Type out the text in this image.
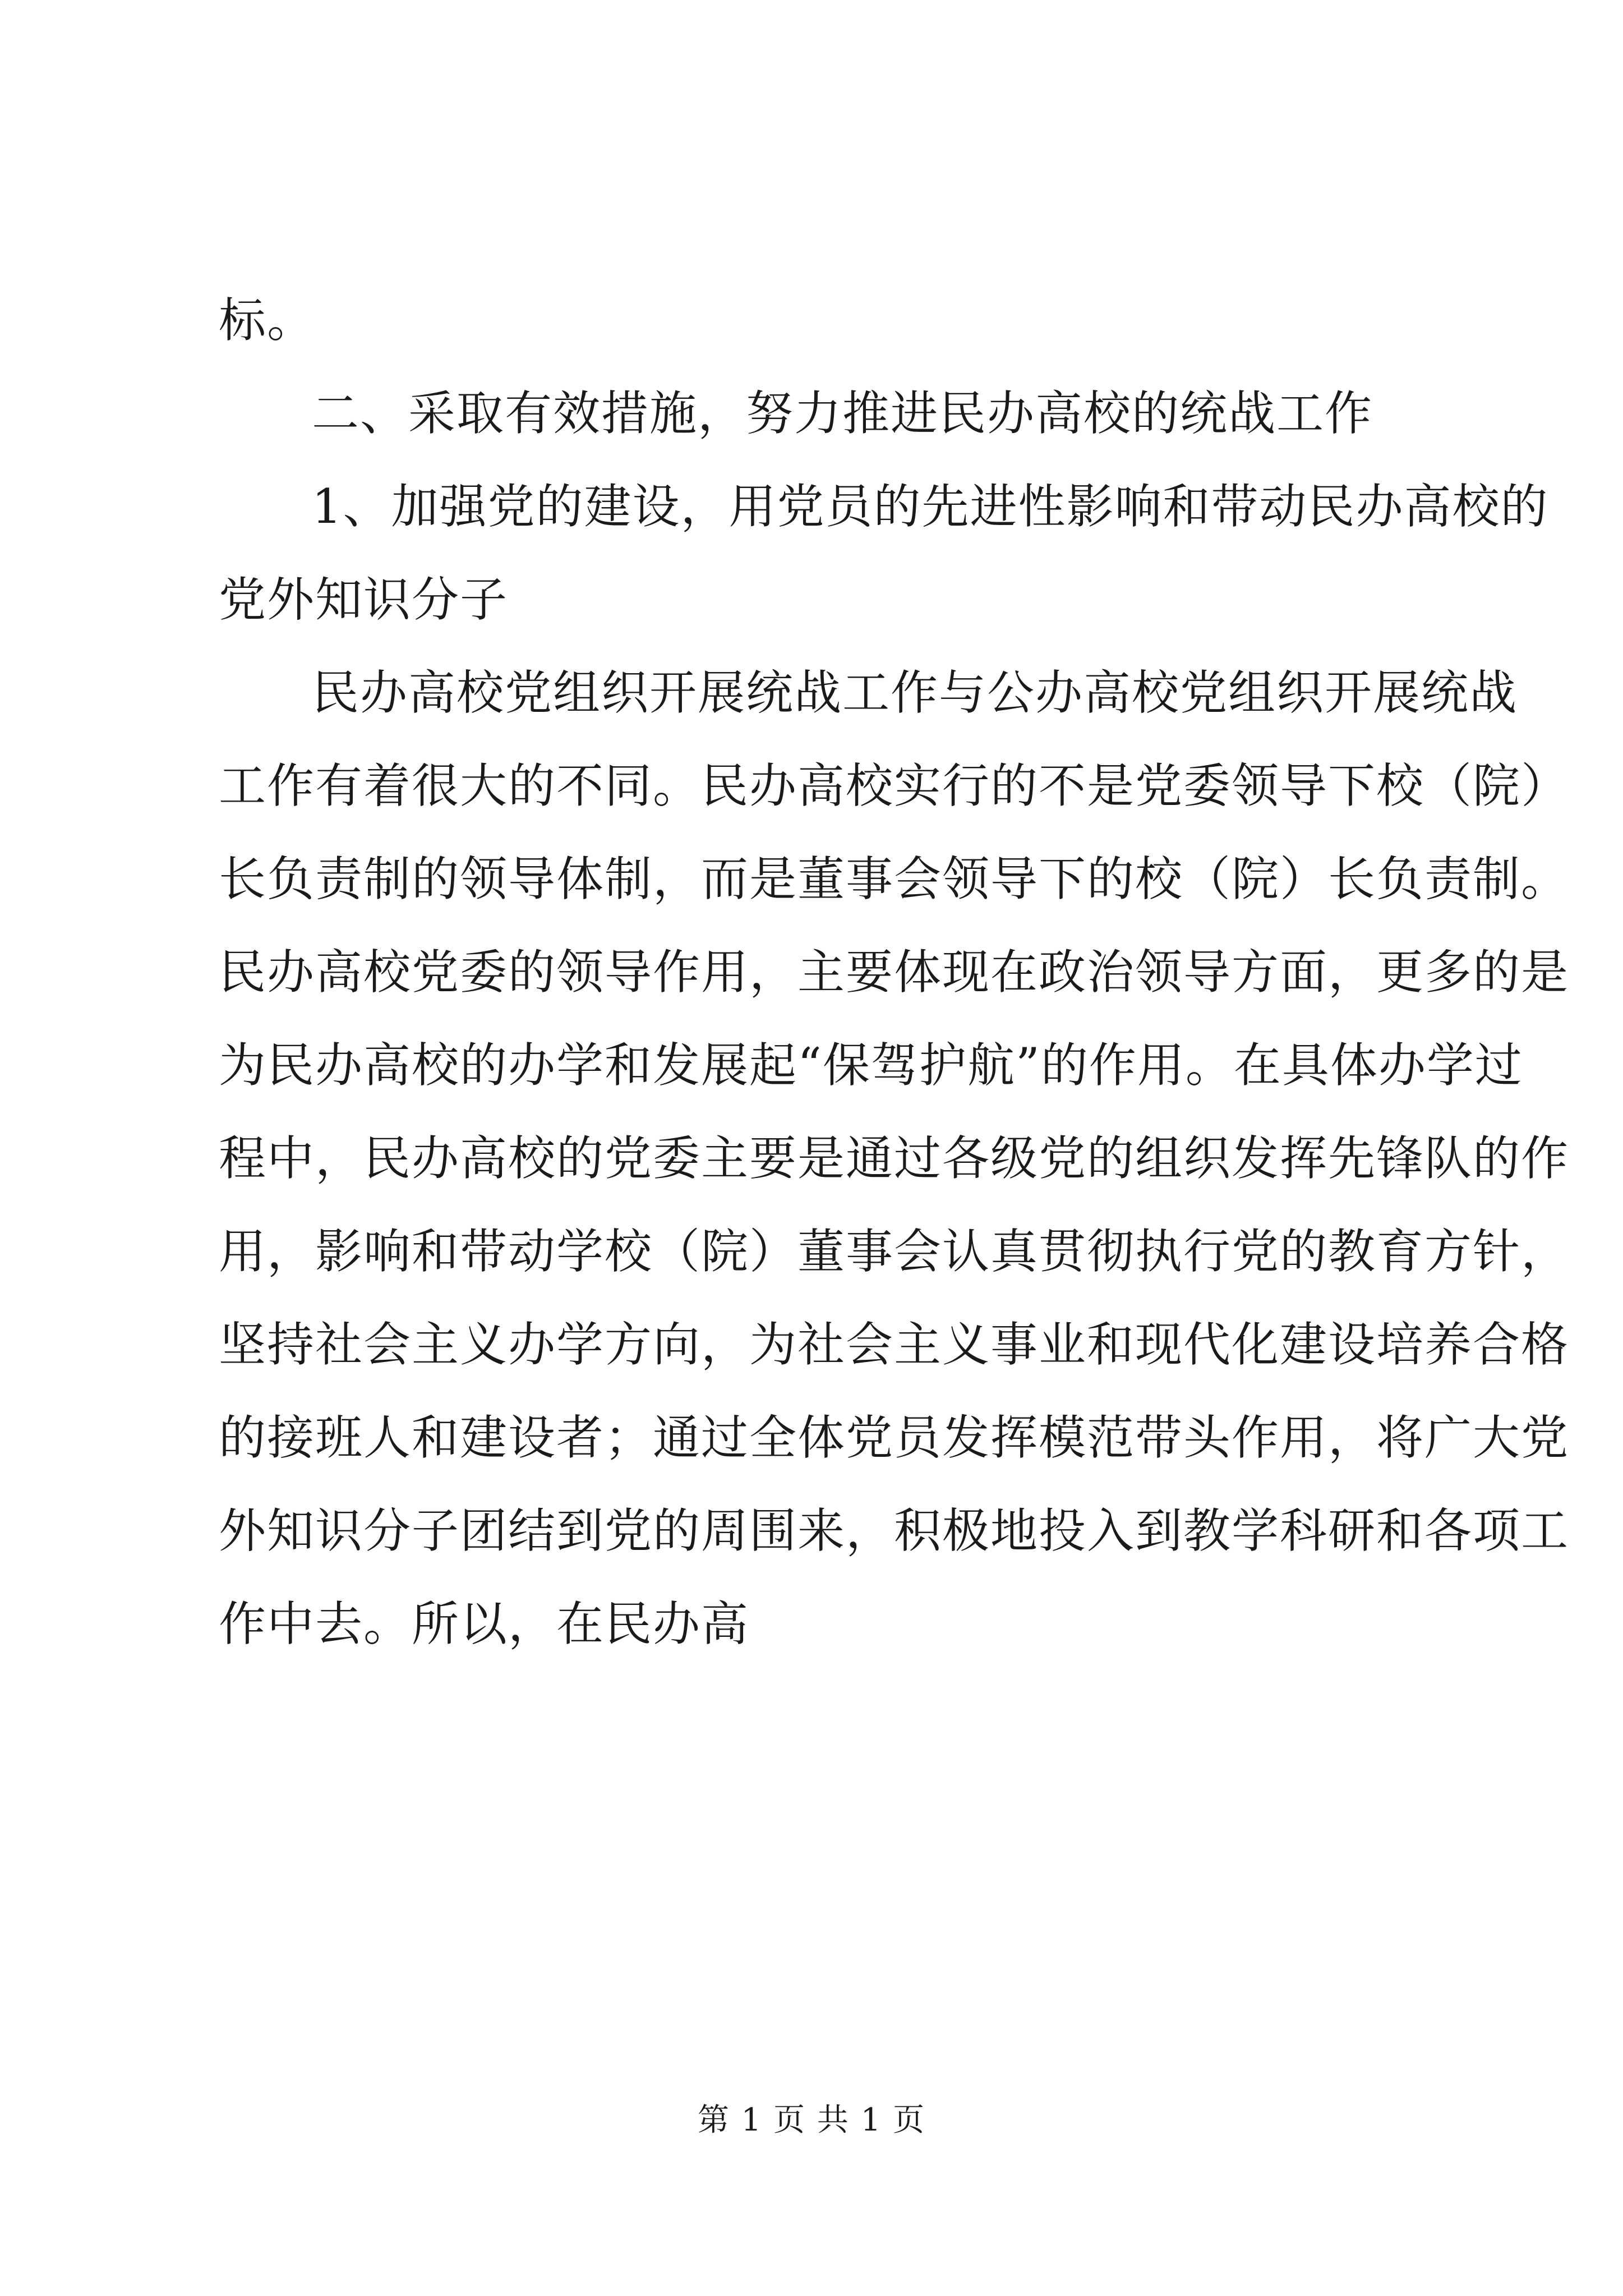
标。
二、采取有效措施，努力推进民办高校的统战工作
1、加强党的建设，用党员的先进性影响和带动民办高校的
党外知识分子
民办高校党组织开展统战工作与公办高校党组织开展统战
工作有着很大的不同。民办高校实行的不是党委领导下校（院）
长负责制的领导体制，而是董事会领导下的校（院）长负责制。
民办高校党委的领导作用，主要体现在政治领导方面，更多的是
为民办高校的办学和发展起“保驾护航”的作用。在具体办学过
程中，民办高校的党委主要是通过各级党的组织发挥先锋队的作
用，影响和带动学校（院）董事会认真贯彻执行党的教育方针，
坚持社会主义办学方向，为社会主义事业和现代化建设培养合格
的接班人和建设者；通过全体党员发挥模范带头作用，将广大党
外知识分子团结到党的周围来，积极地投入到教学科研和各项工
作中去。所以，在民办高
第 1 页 共 1 页
